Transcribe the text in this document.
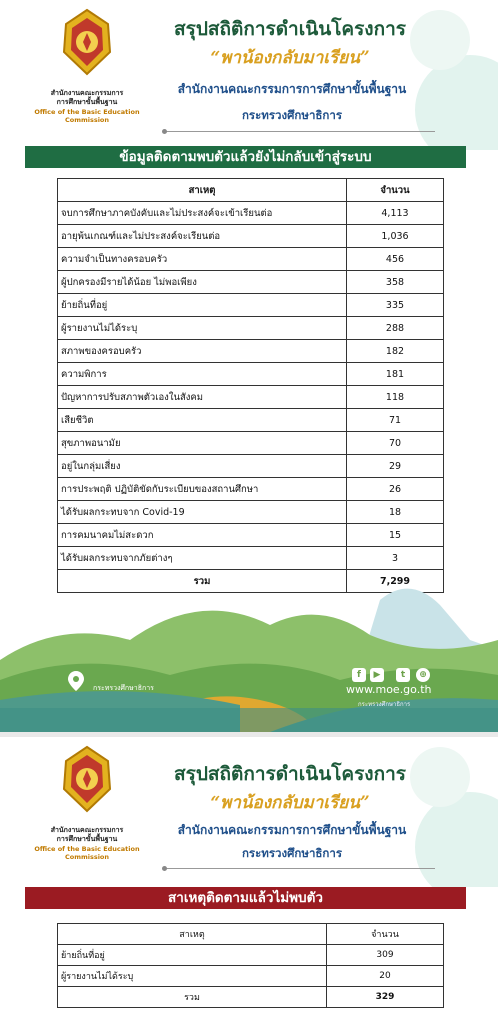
สำนักงานคณะกรรมการ
การศึกษาขั้นพื้นฐาน
Office of the Basic Education
Commission
สรุปสถิติการดำเนินโครงการ
“พาน้องกลับมาเรียน”
สำนักงานคณะกรรมการการศึกษาขั้นพื้นฐาน
กระทรวงศึกษาธิการ
ข้อมูลติดตามพบตัวแล้วยังไม่กลับเข้าสู่ระบบ
สาเหตุ	จำนวน
จบการศึกษาภาคบังคับและไม่ประสงค์จะเข้าเรียนต่อ	4,113
อายุพ้นเกณฑ์และไม่ประสงค์จะเรียนต่อ	1,036
ความจำเป็นทางครอบครัว	456
ผู้ปกครองมีรายได้น้อย ไม่พอเพียง	358
ย้ายถิ่นที่อยู่	335
ผู้รายงานไม่ได้ระบุ	288
สภาพของครอบครัว	182
ความพิการ	181
ปัญหาการปรับสภาพตัวเองในสังคม	118
เสียชีวิต	71
สุขภาพอนามัย	70
อยู่ในกลุ่มเสี่ยง	29
การประพฤติ ปฏิบัติขัดกับระเบียบของสถานศึกษา	26
ได้รับผลกระทบจาก Covid-19	18
การคมนาคมไม่สะดวก	15
ได้รับผลกระทบจากภัยต่างๆ	3
รวม	7,299
กระทรวงศึกษาธิการ
f	▶	t	⊕
www.moe.go.th
กระทรวงศึกษาธิการ
สำนักงานคณะกรรมการ
การศึกษาขั้นพื้นฐาน
Office of the Basic Education
Commission
สรุปสถิติการดำเนินโครงการ
“พาน้องกลับมาเรียน”
สำนักงานคณะกรรมการการศึกษาขั้นพื้นฐาน
กระทรวงศึกษาธิการ
สาเหตุติดตามแล้วไม่พบตัว
สาเหตุ	จำนวน
ย้ายถิ่นที่อยู่	309
ผู้รายงานไม่ได้ระบุ	20
รวม	329
